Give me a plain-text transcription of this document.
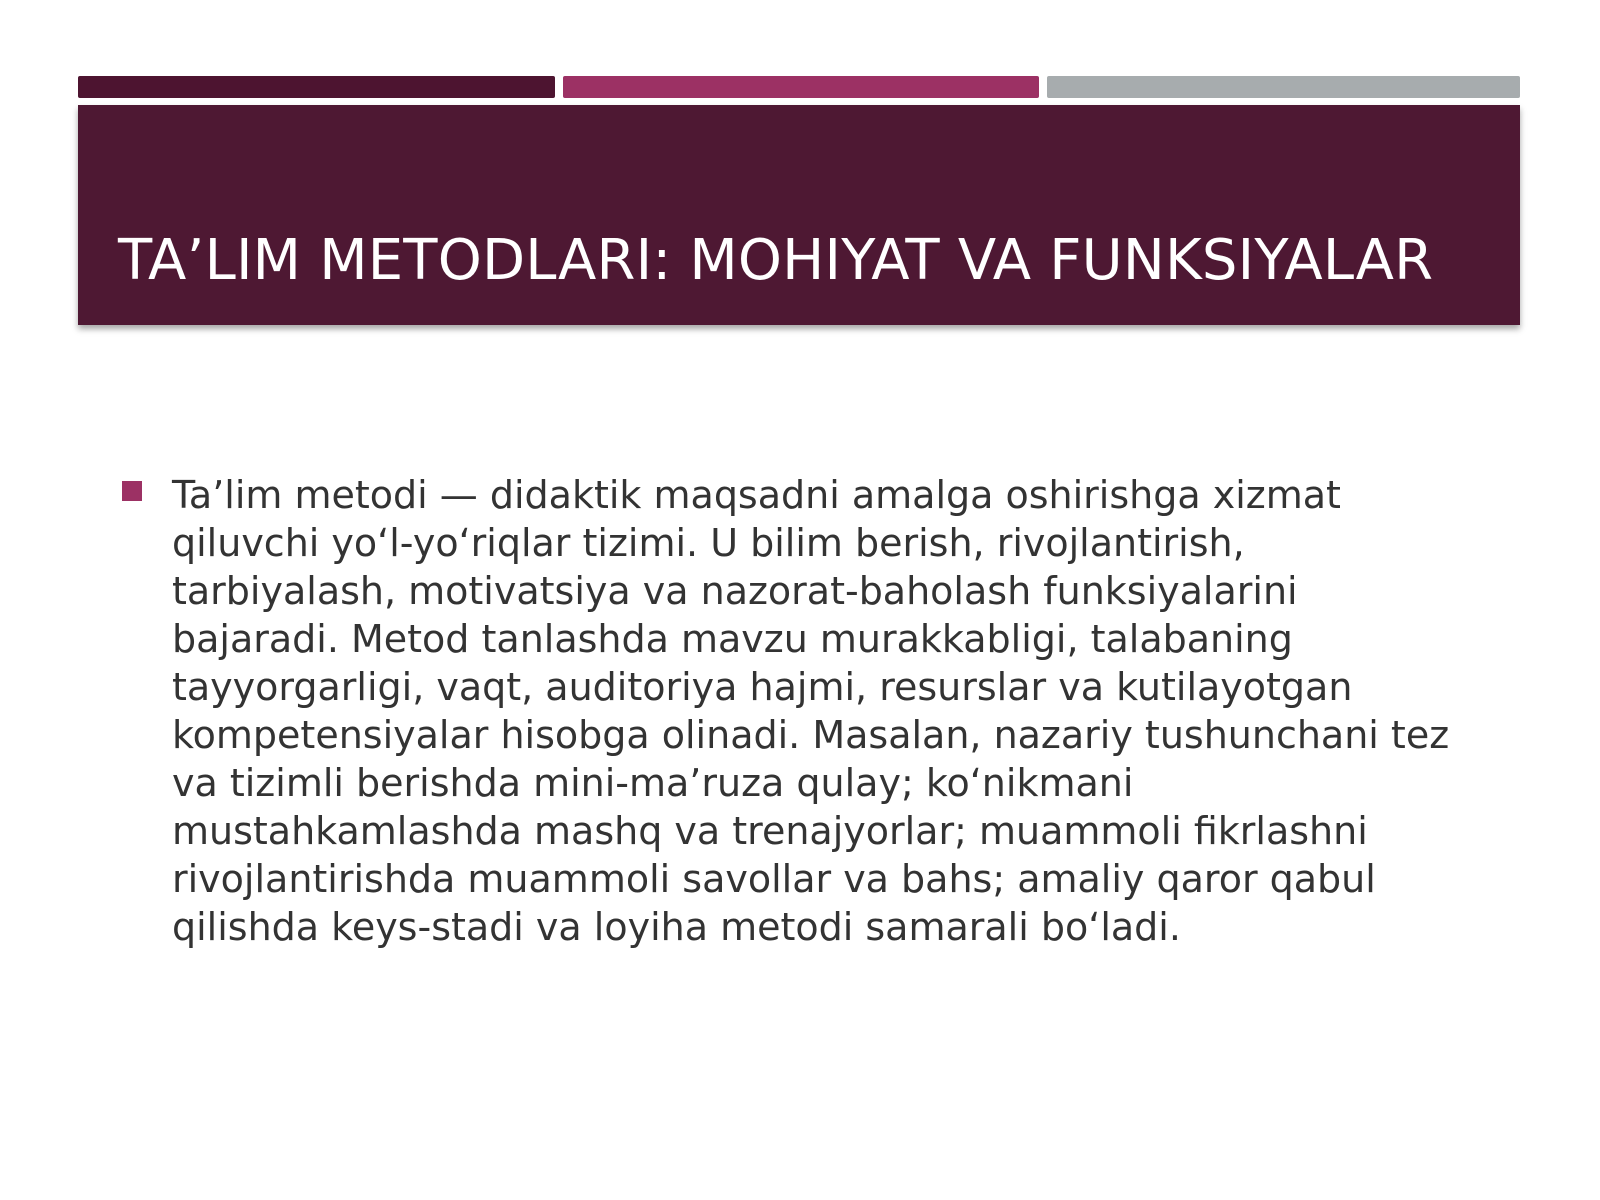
TA’LIM METODLARI: MOHIYAT VA FUNKSIYALAR
Ta’lim metodi — didaktik maqsadni amalga oshirishga xizmat qiluvchi yo‘l-yo‘riqlar tizimi. U bilim berish, rivojlantirish, tarbiyalash, motivatsiya va nazorat-baholash funksiyalarini bajaradi. Metod tanlashda mavzu murakkabligi, talabaning tayyorgarligi, vaqt, auditoriya hajmi, resurslar va kutilayotgan kompetensiyalar hisobga olinadi. Masalan, nazariy tushunchani tez va tizimli berishda mini-ma’ruza qulay; ko‘nikmani mustahkamlashda mashq va trenajyorlar; muammoli fikrlashni rivojlantirishda muammoli savollar va bahs; amaliy qaror qabul qilishda keys-stadi va loyiha metodi samarali bo‘ladi.
